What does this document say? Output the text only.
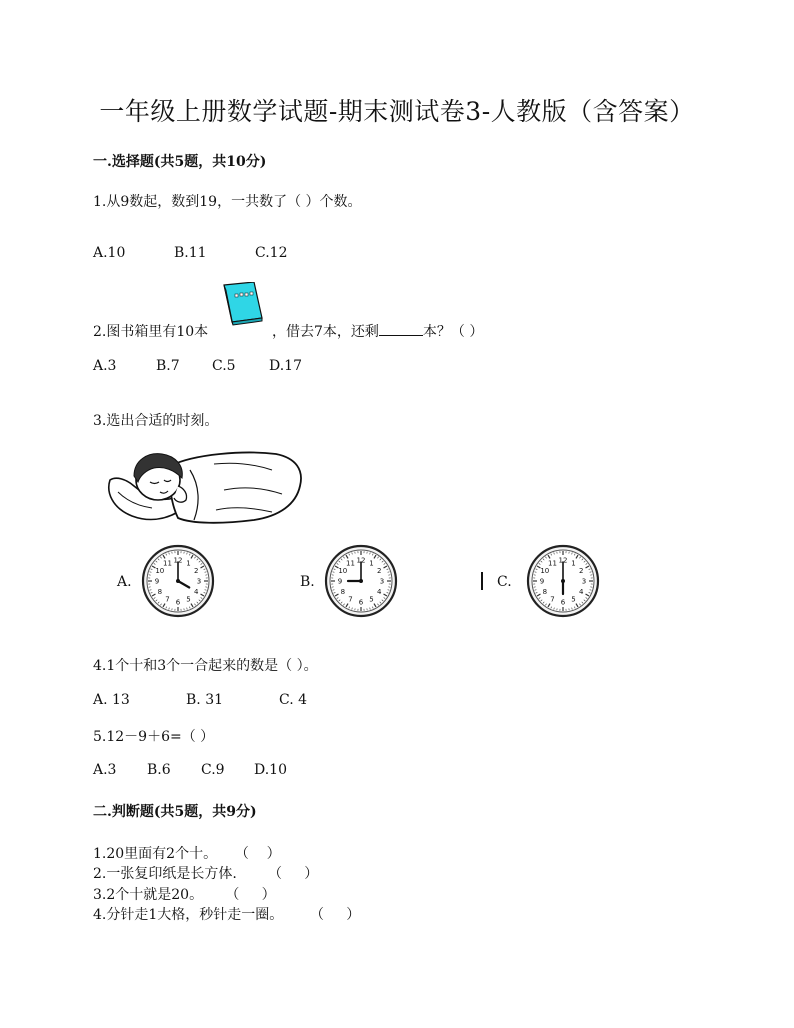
一年级上册数学试题-期末测试卷3-人教版（含答案）
一.选择题(共5题，共10分)
1.从9数起，数到19，一共数了（ ）个数。
A.10	B.11	C.12
2.图书箱里有10本	，借去7本，还剩	本？（ ）
A.3	B.7 C.5 D.17
3.选出合适的时刻。
A.
12 1
2
3
4
5
6
7
8
9
10
11
B.
12 1
2
3
4
5
6
7
8
9
10
11
C.
12 1
2
3
4
5
6
7
8
9
10
11
4.1个十和3个一合起来的数是（ ）。
A. 13	B. 31	C. 4
5.12－9＋6=（ ）
A.3 B.6 C.9 D.10
二.判断题(共5题，共9分)
1.20里面有2个十。    （    ）
2.一张复印纸是长方体.       （     ）
3.2个十就是20。     （     ）
4.分针走1大格，秒针走一圈。      （     ）
